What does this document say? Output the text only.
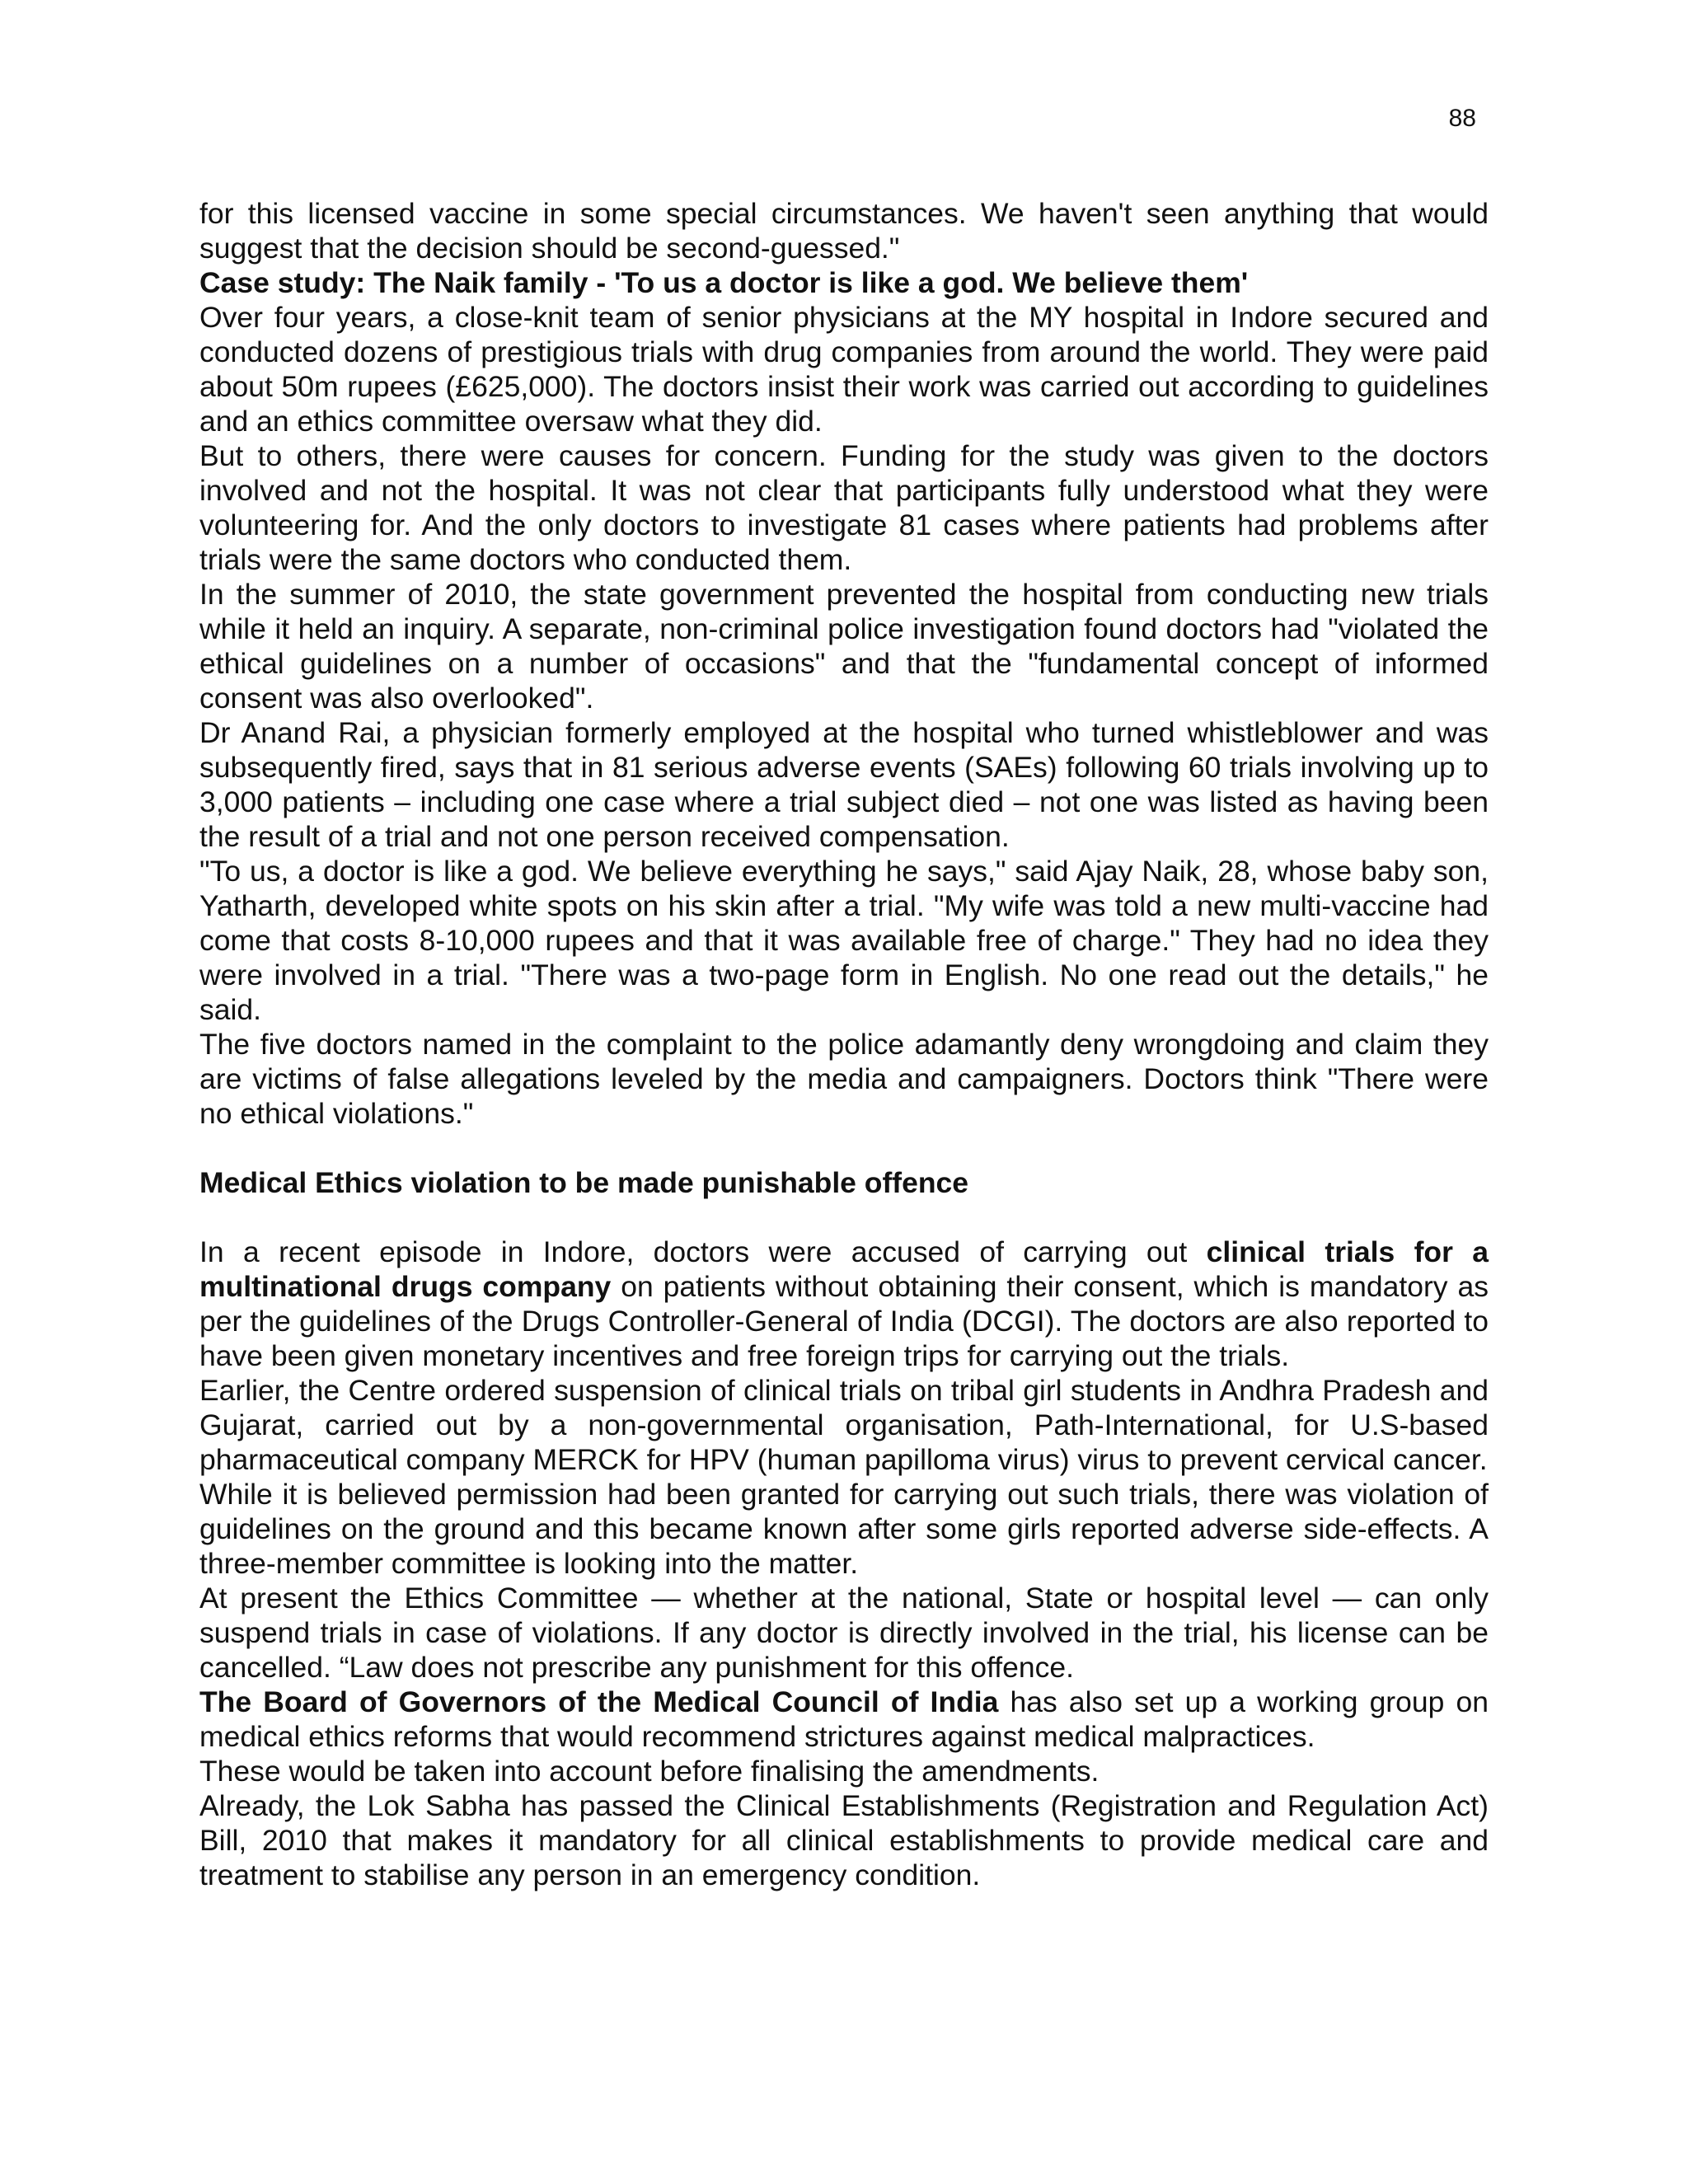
88

for this licensed vaccine in some special circumstances. We haven't seen anything that would suggest that the decision should be second-guessed."

Case study: The Naik family - 'To us a doctor is like a god. We believe them'

Over four years, a close-knit team of senior physicians at the MY hospital in Indore secured and conducted dozens of prestigious trials with drug companies from around the world. They were paid about 50m rupees (£625,000). The doctors insist their work was carried out according to guidelines and an ethics committee oversaw what they did.

But to others, there were causes for concern. Funding for the study was given to the doctors involved and not the hospital. It was not clear that participants fully understood what they were volunteering for. And the only doctors to investigate 81 cases where patients had problems after trials were the same doctors who conducted them.

In the summer of 2010, the state government prevented the hospital from conducting new trials while it held an inquiry. A separate, non-criminal police investigation found doctors had "violated the ethical guidelines on a number of occasions" and that the "fundamental concept of informed consent was also overlooked".

Dr Anand Rai, a physician formerly employed at the hospital who turned whistleblower and was subsequently fired, says that in 81 serious adverse events (SAEs) following 60 trials involving up to 3,000 patients – including one case where a trial subject died – not one was listed as having been the result of a trial and not one person received compensation.

"To us, a doctor is like a god. We believe everything he says," said Ajay Naik, 28, whose baby son, Yatharth, developed white spots on his skin after a trial. "My wife was told a new multi-vaccine had come that costs 8-10,000 rupees and that it was available free of charge." They had no idea they were involved in a trial. "There was a two-page form in English. No one read out the details," he said.

The five doctors named in the complaint to the police adamantly deny wrongdoing and claim they are victims of false allegations leveled by the media and campaigners. Doctors think "There were no ethical violations."

Medical Ethics violation to be made punishable offence

In a recent episode in Indore, doctors were accused of carrying out clinical trials for a multinational drugs company on patients without obtaining their consent, which is mandatory as per the guidelines of the Drugs Controller-General of India (DCGI). The doctors are also reported to have been given monetary incentives and free foreign trips for carrying out the trials.

Earlier, the Centre ordered suspension of clinical trials on tribal girl students in Andhra Pradesh and Gujarat, carried out by a non-governmental organisation, Path-International, for U.S-based pharmaceutical company MERCK for HPV (human papilloma virus) virus to prevent cervical cancer.

While it is believed permission had been granted for carrying out such trials, there was violation of guidelines on the ground and this became known after some girls reported adverse side-effects. A three-member committee is looking into the matter.

At present the Ethics Committee — whether at the national, State or hospital level — can only suspend trials in case of violations. If any doctor is directly involved in the trial, his license can be cancelled. “Law does not prescribe any punishment for this offence.

The Board of Governors of the Medical Council of India has also set up a working group on medical ethics reforms that would recommend strictures against medical malpractices.

These would be taken into account before finalising the amendments.

Already, the Lok Sabha has passed the Clinical Establishments (Registration and Regulation Act) Bill, 2010 that makes it mandatory for all clinical establishments to provide medical care and treatment to stabilise any person in an emergency condition.
